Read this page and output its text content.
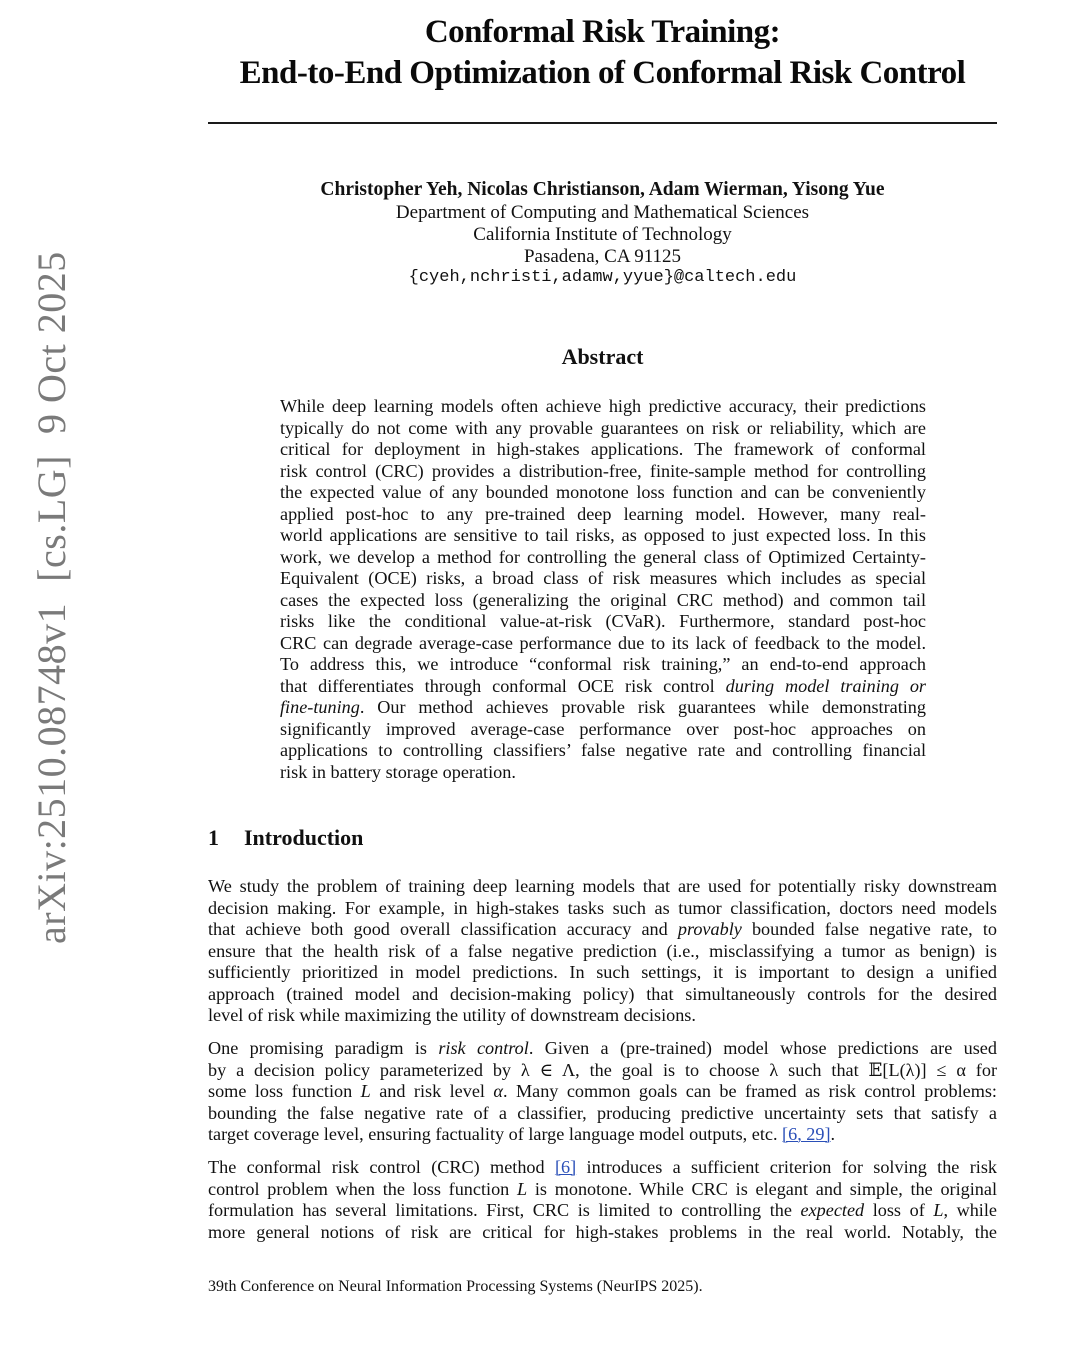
arXiv:2510.08748v1  [cs.LG]  9 Oct 2025
Conformal Risk Training:
End-to-End Optimization of Conformal Risk Control
Christopher Yeh, Nicolas Christianson, Adam Wierman, Yisong Yue
Department of Computing and Mathematical Sciences
California Institute of Technology
Pasadena, CA 91125
{cyeh,nchristi,adamw,yyue}@caltech.edu
Abstract
While deep learning models often achieve high predictive accuracy, their predictions
typically do not come with any provable guarantees on risk or reliability, which are
critical for deployment in high-stakes applications. The framework of conformal
risk control (CRC) provides a distribution-free, finite-sample method for controlling
the expected value of any bounded monotone loss function and can be conveniently
applied post-hoc to any pre-trained deep learning model. However, many real-
world applications are sensitive to tail risks, as opposed to just expected loss. In this
work, we develop a method for controlling the general class of Optimized Certainty-
Equivalent (OCE) risks, a broad class of risk measures which includes as special
cases the expected loss (generalizing the original CRC method) and common tail
risks like the conditional value-at-risk (CVaR). Furthermore, standard post-hoc
CRC can degrade average-case performance due to its lack of feedback to the model.
To address this, we introduce “conformal risk training,” an end-to-end approach
that differentiates through conformal OCE risk control during model training or
fine-tuning. Our method achieves provable risk guarantees while demonstrating
significantly improved average-case performance over post-hoc approaches on
applications to controlling classifiers’ false negative rate and controlling financial
risk in battery storage operation.
1 Introduction
We study the problem of training deep learning models that are used for potentially risky downstream
decision making. For example, in high-stakes tasks such as tumor classification, doctors need models
that achieve both good overall classification accuracy and provably bounded false negative rate, to
ensure that the health risk of a false negative prediction (i.e., misclassifying a tumor as benign) is
sufficiently prioritized in model predictions. In such settings, it is important to design a unified
approach (trained model and decision-making policy) that simultaneously controls for the desired
level of risk while maximizing the utility of downstream decisions.
One promising paradigm is risk control. Given a (pre-trained) model whose predictions are used
by a decision policy parameterized by λ ∈ Λ, the goal is to choose λ such that 𝔼[L(λ)] ≤ α for
some loss function L and risk level α. Many common goals can be framed as risk control problems:
bounding the false negative rate of a classifier, producing predictive uncertainty sets that satisfy a
target coverage level, ensuring factuality of large language model outputs, etc. [6, 29].
The conformal risk control (CRC) method [6] introduces a sufficient criterion for solving the risk
control problem when the loss function L is monotone. While CRC is elegant and simple, the original
formulation has several limitations. First, CRC is limited to controlling the expected loss of L, while
more general notions of risk are critical for high-stakes problems in the real world. Notably, the
39th Conference on Neural Information Processing Systems (NeurIPS 2025).
